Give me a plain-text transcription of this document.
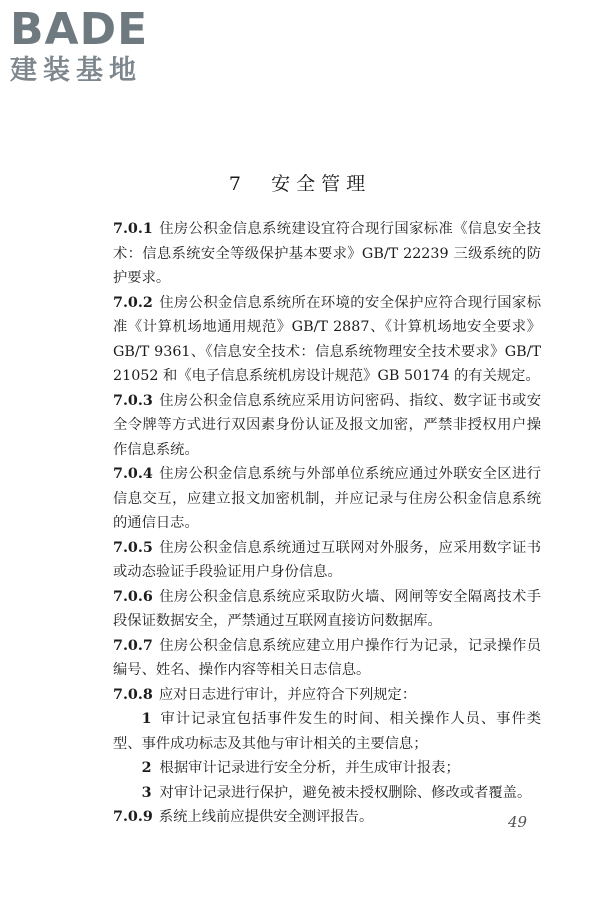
BADE
建装基地
7 安全管理

7.0.1 住房公积金信息系统建设宜符合现行国家标准《信息安全技术：信息系统安全等级保护基本要求》GB/T 22239 三级系统的防护要求。

7.0.2 住房公积金信息系统所在环境的安全保护应符合现行国家标准《计算机场地通用规范》GB/T 2887、《计算机场地安全要求》GB/T 9361、《信息安全技术：信息系统物理安全技术要求》GB/T 21052 和《电子信息系统机房设计规范》GB 50174 的有关规定。

7.0.3 住房公积金信息系统应采用访问密码、指纹、数字证书或安全令牌等方式进行双因素身份认证及报文加密，严禁非授权用户操作信息系统。

7.0.4 住房公积金信息系统与外部单位系统应通过外联安全区进行信息交互，应建立报文加密机制，并应记录与住房公积金信息系统的通信日志。

7.0.5 住房公积金信息系统通过互联网对外服务，应采用数字证书或动态验证手段验证用户身份信息。

7.0.6 住房公积金信息系统应采取防火墙、网闸等安全隔离技术手段保证数据安全，严禁通过互联网直接访问数据库。

7.0.7 住房公积金信息系统应建立用户操作行为记录，记录操作员编号、姓名、操作内容等相关日志信息。

7.0.8 应对日志进行审计，并应符合下列规定：

1 审计记录宜包括事件发生的时间、相关操作人员、事件类型、事件成功标志及其他与审计相关的主要信息；

2 根据审计记录进行安全分析，并生成审计报表；

3 对审计记录进行保护，避免被未授权删除、修改或者覆盖。

7.0.9 系统上线前应提供安全测评报告。	49
